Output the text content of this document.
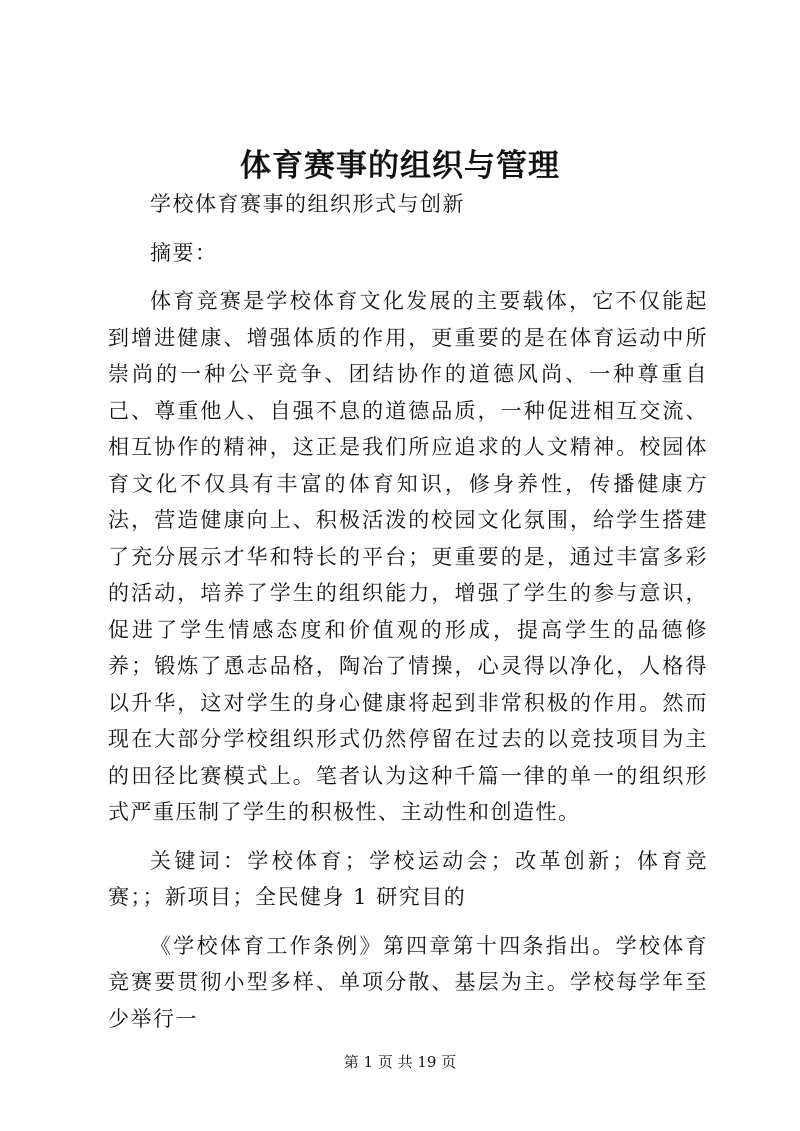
体育赛事的组织与管理

学校体育赛事的组织形式与创新

摘要：

体育竞赛是学校体育文化发展的主要载体，它不仅能起到增进健康、增强体质的作用，更重要的是在体育运动中所崇尚的一种公平竞争、团结协作的道德风尚、一种尊重自己、尊重他人、自强不息的道德品质，一种促进相互交流、相互协作的精神，这正是我们所应追求的人文精神。校园体育文化不仅具有丰富的体育知识，修身养性，传播健康方法，营造健康向上、积极活泼的校园文化氛围，给学生搭建了充分展示才华和特长的平台；更重要的是，通过丰富多彩的活动，培养了学生的组织能力，增强了学生的参与意识，促进了学生情感态度和价值观的形成，提高学生的品德修养；锻炼了恿志品格，陶冶了情操，心灵得以净化，人格得以升华，这对学生的身心健康将起到非常积极的作用。然而现在大部分学校组织形式仍然停留在过去的以竞技项目为主的田径比赛模式上。笔者认为这种千篇一律的单一的组织形式严重压制了学生的积极性、主动性和创造性。

关键词：学校体育；学校运动会；改革创新；体育竞赛；；新项目；全民健身 1 研究目的

《学校体育工作条例》第四章第十四条指出。学校体育竞赛要贯彻小型多样、单项分散、基层为主。学校每学年至少举行一

第 1 页 共 19 页
